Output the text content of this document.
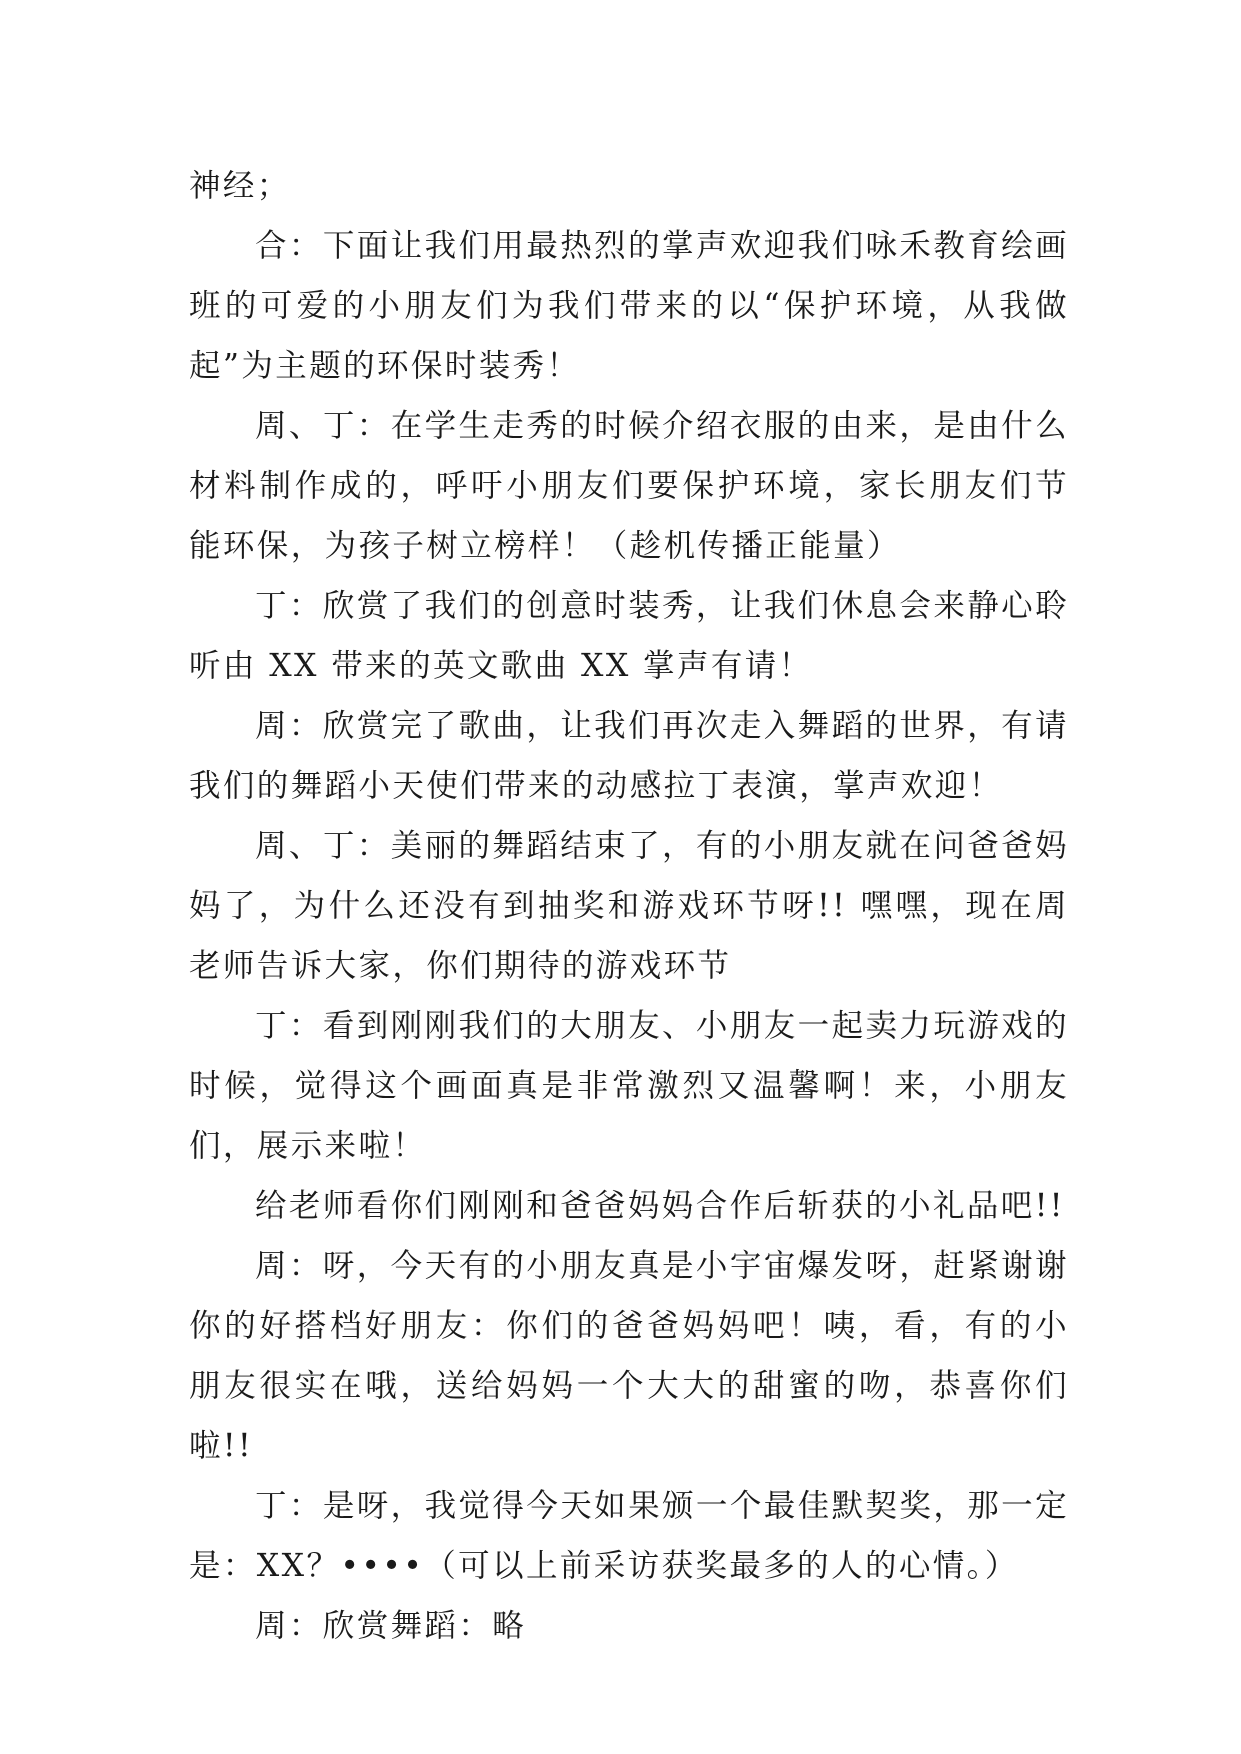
神经；

合：下面让我们用最热烈的掌声欢迎我们咏禾教育绘画班的可爱的小朋友们为我们带来的以“保护环境，从我做起”为主题的环保时装秀！

周、丁：在学生走秀的时候介绍衣服的由来，是由什么材料制作成的，呼吁小朋友们要保护环境，家长朋友们节能环保，为孩子树立榜样！（趁机传播正能量）

丁：欣赏了我们的创意时装秀，让我们休息会来静心聆听由 XX 带来的英文歌曲 XX 掌声有请！

周：欣赏完了歌曲，让我们再次走入舞蹈的世界，有请我们的舞蹈小天使们带来的动感拉丁表演，掌声欢迎！

周、丁：美丽的舞蹈结束了，有的小朋友就在问爸爸妈妈了，为什么还没有到抽奖和游戏环节呀!! 嘿嘿，现在周老师告诉大家，你们期待的游戏环节

丁：看到刚刚我们的大朋友、小朋友一起卖力玩游戏的时候，觉得这个画面真是非常激烈又温馨啊！来，小朋友们，展示来啦！

给老师看你们刚刚和爸爸妈妈合作后斩获的小礼品吧!!

周：呀，今天有的小朋友真是小宇宙爆发呀，赶紧谢谢你的好搭档好朋友：你们的爸爸妈妈吧！咦，看，有的小朋友很实在哦，送给妈妈一个大大的甜蜜的吻，恭喜你们啦!!

丁：是呀，我觉得今天如果颁一个最佳默契奖，那一定是：XX？••••（可以上前采访获奖最多的人的心情。）

周：欣赏舞蹈：略
